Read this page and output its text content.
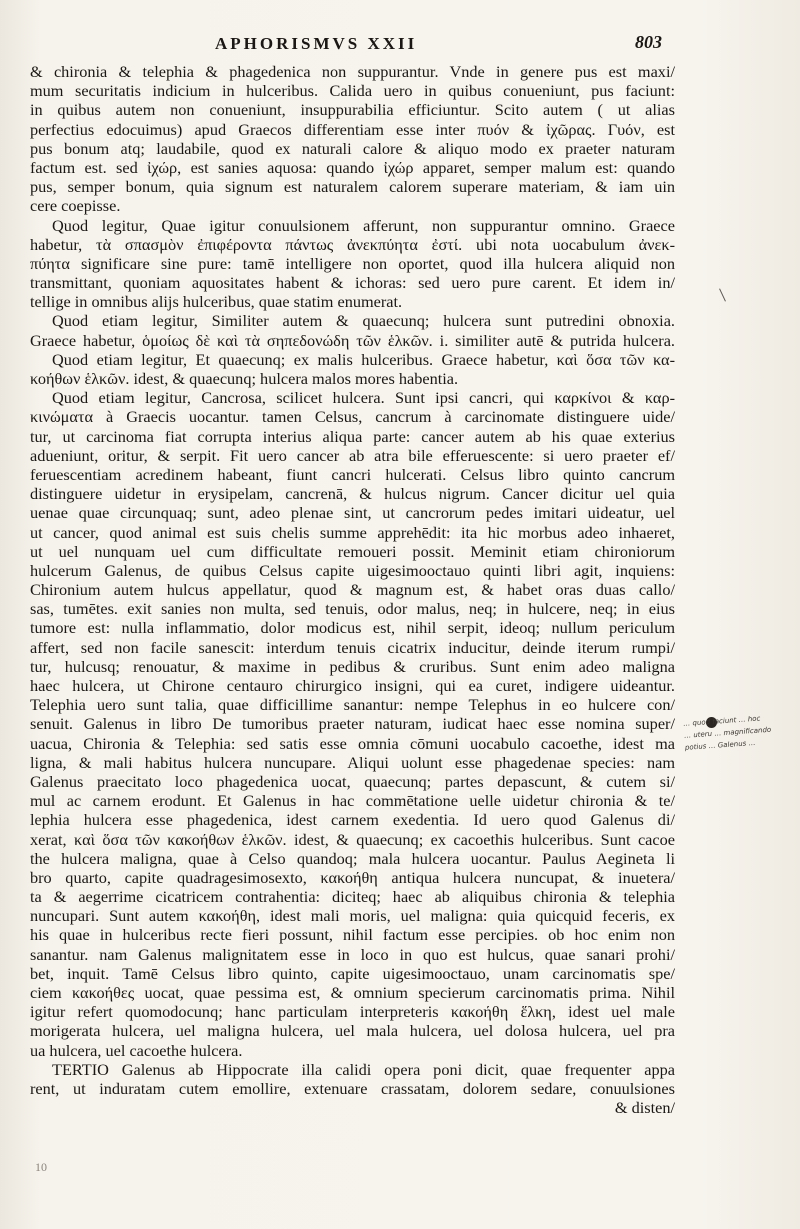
APHORISMVS XXII	803
& chironia & telephia & phagedenica non suppurantur. Vnde in genere pus est maxi/
mum securitatis indicium in hulceribus. Calida uero in quibus conueniunt, pus faciunt:
in quibus autem non conueniunt, insuppurabilia efficiuntur. Scito autem ( ut alias
perfectius edocuimus) apud Graecos differentiam esse inter πυόν & ἰχῶρας. Γυόν, est
pus bonum atq; laudabile, quod ex naturali calore & aliquo modo ex praeter naturam
factum est. sed ἰχώρ, est sanies aquosa: quando ἰχώρ apparet, semper malum est: quando
pus, semper bonum, quia signum est naturalem calorem superare materiam, & iam uin
cere coepisse.
Quod legitur, Quae igitur conuulsionem afferunt, non suppurantur omnino. Graece
habetur, τὰ σπασμὸν ἐπιφέροντα πάντως ἀνεκπύητα ἐστί. ubi nota uocabulum ἀνεκ-
πύητα significare sine pure: tamē intelligere non oportet, quod illa hulcera aliquid non
transmittant, quoniam aquositates habent & ichoras: sed uero pure carent. Et idem in/
tellige in omnibus alijs hulceribus, quae statim enumerat.
Quod etiam legitur, Similiter autem & quaecunq; hulcera sunt putredini obnoxia.
Graece habetur, ὁμοίως δὲ καὶ τὰ σηπεδονώδη τῶν ἑλκῶν. i. similiter autē & putrida hulcera.
Quod etiam legitur, Et quaecunq; ex malis hulceribus. Graece habetur, καὶ ὅσα τῶν κα-
κοήθων ἑλκῶν. idest, & quaecunq; hulcera malos mores habentia.
Quod etiam legitur, Cancrosa, scilicet hulcera. Sunt ipsi cancri, qui καρκίνοι & καρ-
κινώματα à Graecis uocantur. tamen Celsus, cancrum à carcinomate distinguere uide/
tur, ut carcinoma fiat corrupta interius aliqua parte: cancer autem ab his quae exterius
adueniunt, oritur, & serpit. Fit uero cancer ab atra bile efferuescente: si uero praeter ef/
feruescentiam acredinem habeant, fiunt cancri hulcerati. Celsus libro quinto cancrum
distinguere uidetur in erysipelam, cancrenā, & hulcus nigrum. Cancer dicitur uel quia
uenae quae circunquaq; sunt, adeo plenae sint, ut cancrorum pedes imitari uideatur, uel
ut cancer, quod animal est suis chelis summe apprehēdit: ita hic morbus adeo inhaeret,
ut uel nunquam uel cum difficultate remoueri possit. Meminit etiam chironiorum
hulcerum Galenus, de quibus Celsus capite uigesimooctauo quinti libri agit, inquiens:
Chironium autem hulcus appellatur, quod & magnum est, & habet oras duas callo/
sas, tumētes. exit sanies non multa, sed tenuis, odor malus, neq; in hulcere, neq; in eius
tumore est: nulla inflammatio, dolor modicus est, nihil serpit, ideoq; nullum periculum
affert, sed non facile sanescit: interdum tenuis cicatrix inducitur, deinde iterum rumpi/
tur, hulcusq; renouatur, & maxime in pedibus & cruribus. Sunt enim adeo maligna
haec hulcera, ut Chirone centauro chirurgico insigni, qui ea curet, indigere uideantur.
Telephia uero sunt talia, quae difficillime sanantur: nempe Telephus in eo hulcere con/
senuit. Galenus in libro De tumoribus praeter naturam, iudicat haec esse nomina super/
uacua, Chironia & Telephia: sed satis esse omnia cōmuni uocabulo cacoethe, idest ma
ligna, & mali habitus hulcera nuncupare. Aliqui uolunt esse phagedenae species: nam
Galenus praecitato loco phagedenica uocat, quaecunq; partes depascunt, & cutem si/
mul ac carnem erodunt. Et Galenus in hac commētatione uelle uidetur chironia & te/
lephia hulcera esse phagedenica, idest carnem exedentia. Id uero quod Galenus di/
xerat, καὶ ὅσα τῶν κακοήθων ἑλκῶν. idest, & quaecunq; ex cacoethis hulceribus. Sunt cacoe
the hulcera maligna, quae à Celso quandoq; mala hulcera uocantur. Paulus Aegineta li
bro quarto, capite quadragesimosexto, κακοήθη antiqua hulcera nuncupat, & inuetera/
ta & aegerrime cicatricem contrahentia: diciteq; haec ab aliquibus chironia & telephia
nuncupari. Sunt autem κακοήθη, idest mali moris, uel maligna: quia quicquid feceris, ex
his quae in hulceribus recte fieri possunt, nihil factum esse percipies. ob hoc enim non
sanantur. nam Galenus malignitatem esse in loco in quo est hulcus, quae sanari prohi/
bet, inquit. Tamē Celsus libro quinto, capite uigesimooctauo, unam carcinomatis spe/
ciem κακοήθες uocat, quae pessima est, & omnium specierum carcinomatis prima. Nihil
igitur refert quomodocunq; hanc particulam interpreteris κακοήθη ἕλκη, idest uel male
morigerata hulcera, uel maligna hulcera, uel mala hulcera, uel dolosa hulcera, uel pra
ua hulcera, uel cacoethe hulcera.
TERTIO Galenus ab Hippocrate illa calidi opera poni dicit, quae frequenter appa
rent, ut induratam cutem emollire, extenuare crassatam, dolorem sedare, conuulsiones
& disten/
… quod faciunt … hoc
… uteru … magnificando
potius … Galenus …
10
